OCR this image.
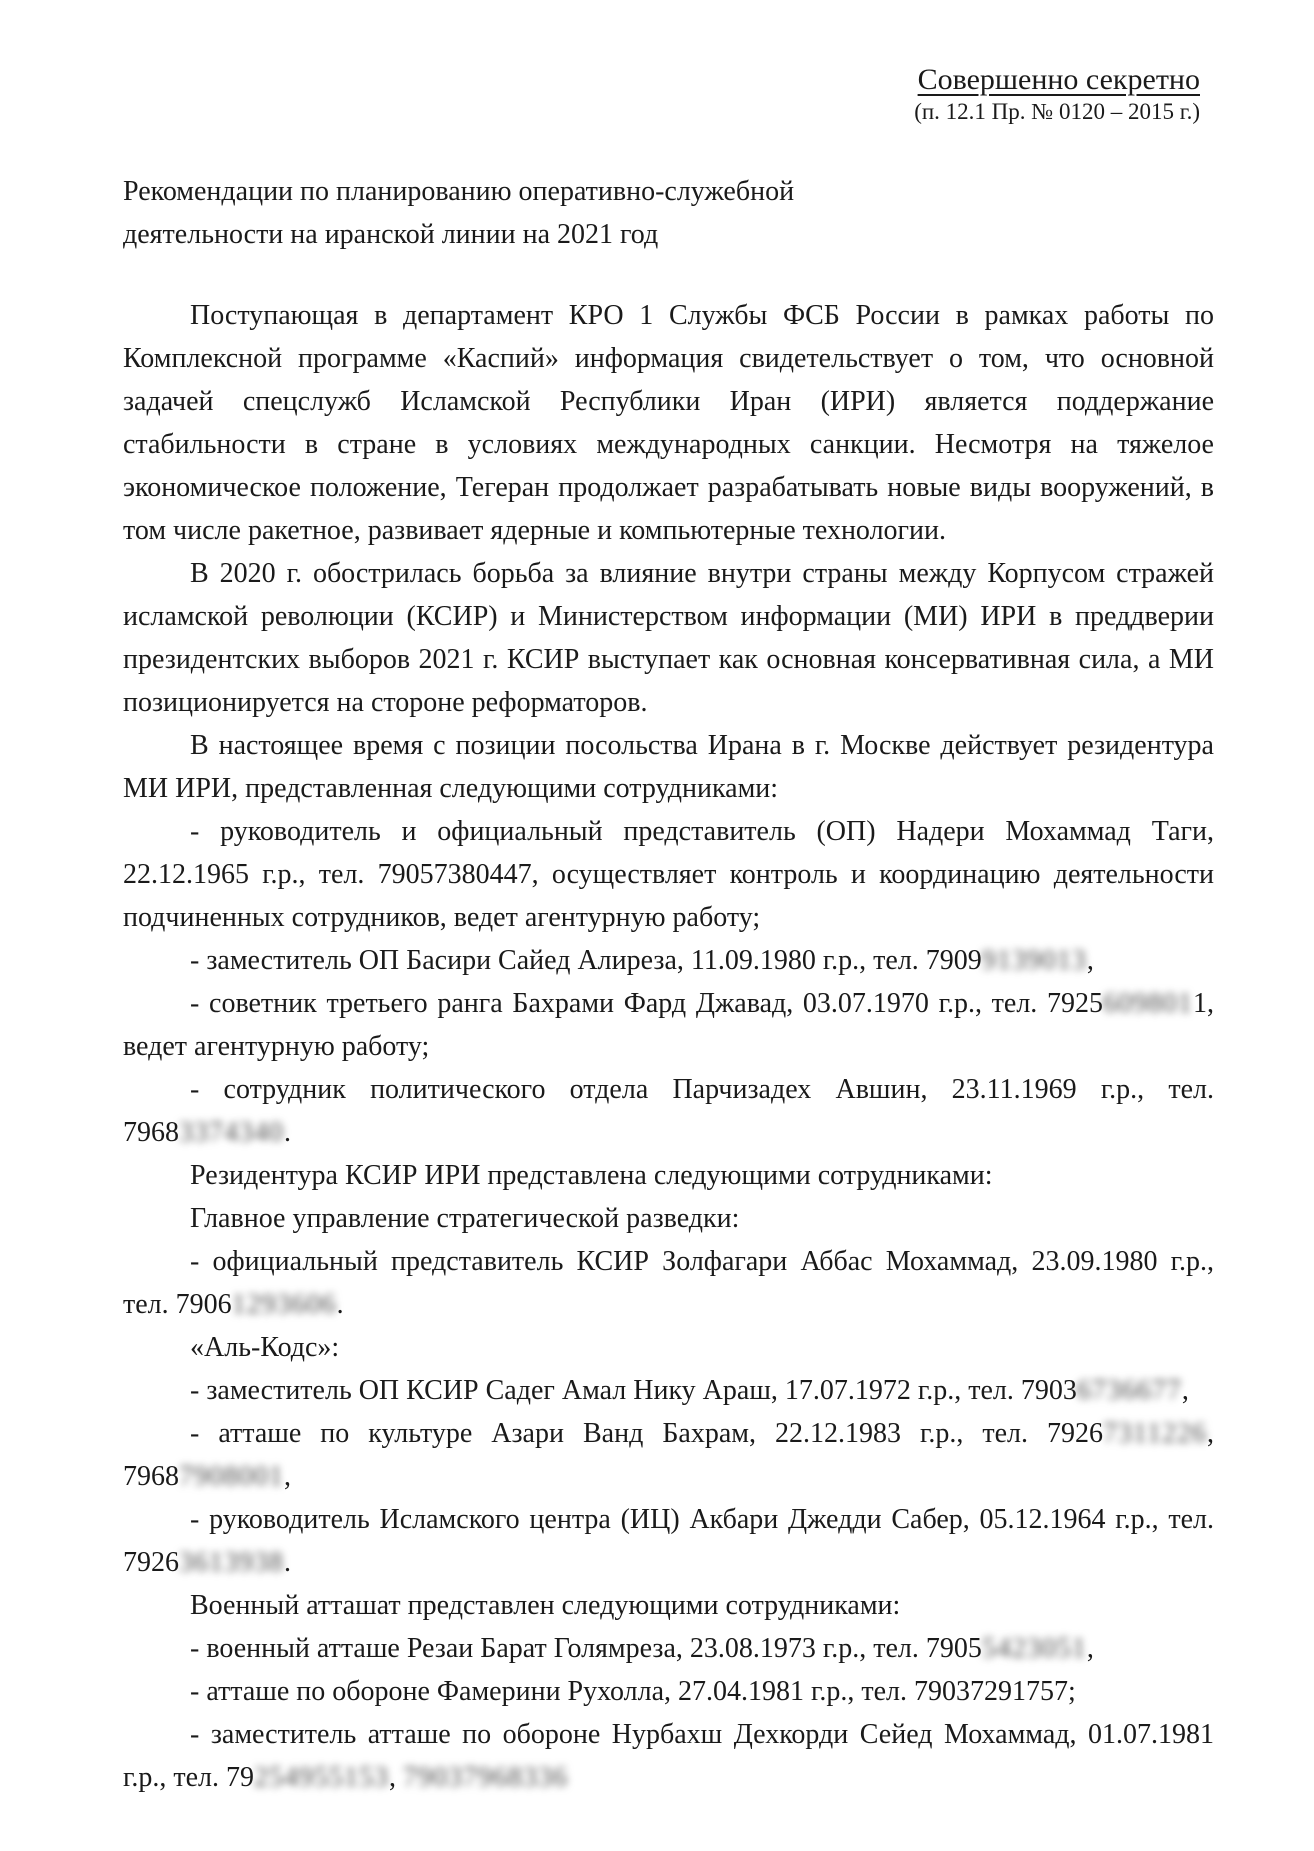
Совершенно секретно
(п. 12.1 Пр. № 0120 – 2015 г.)
Рекомендации по планированию оперативно-служебной
деятельности на иранской линии на 2021 год

Поступающая в департамент КРО 1 Службы ФСБ России в рамках работы по Комплексной программе «Каспий» информация свидетельствует о том, что основной задачей спецслужб Исламской Республики Иран (ИРИ) является поддержание стабильности в стране в условиях международных санкции. Несмотря на тяжелое экономическое положение, Тегеран продолжает разрабатывать новые виды вооружений, в том числе ракетное, развивает ядерные и компьютерные технологии.

В 2020 г. обострилась борьба за влияние внутри страны между Корпусом стражей исламской революции (КСИР) и Министерством информации (МИ) ИРИ в преддверии президентских выборов 2021 г. КСИР выступает как основная консервативная сила, а МИ позиционируется на стороне реформаторов.

В настоящее время с позиции посольства Ирана в г. Москве действует резидентура МИ ИРИ, представленная следующими сотрудниками:

- руководитель и официальный представитель (ОП) Надери Мохаммад Таги, 22.12.1965 г.р., тел. 79057380447, осуществляет контроль и координацию деятельности подчиненных сотрудников, ведет агентурную работу;

- заместитель ОП Басири Сайед Алиреза, 11.09.1980 г.р., тел. 79099139013,

- советник третьего ранга Бахрами Фард Джавад, 03.07.1970 г.р., тел. 79256098011, ведет агентурную работу;

- сотрудник политического отдела Парчизадех Авшин, 23.11.1969 г.р., тел. 79683374340.

Резидентура КСИР ИРИ представлена следующими сотрудниками:

Главное управление стратегической разведки:

- официальный представитель КСИР Золфагари Аббас Мохаммад, 23.09.1980 г.р., тел. 79061293606.

«Аль-Кодс»:

- заместитель ОП КСИР Садег Амал Нику Араш, 17.07.1972 г.р., тел. 79036736677,

- атташе по культуре Азари Ванд Бахрам, 22.12.1983 г.р., тел. 79267311226, 79687908001,

- руководитель Исламского центра (ИЦ) Акбари Джедди Сабер, 05.12.1964 г.р., тел. 79263613938.

Военный атташат представлен следующими сотрудниками:

- военный атташе Резаи Барат Голямреза, 23.08.1973 г.р., тел. 79055423051,

- атташе по обороне Фамерини Рухолла, 27.04.1981 г.р., тел. 79037291757;

- заместитель атташе по обороне Нурбахш Дехкорди Сейед Мохаммад, 01.07.1981 г.р., тел. 79254955153, 79037968336
